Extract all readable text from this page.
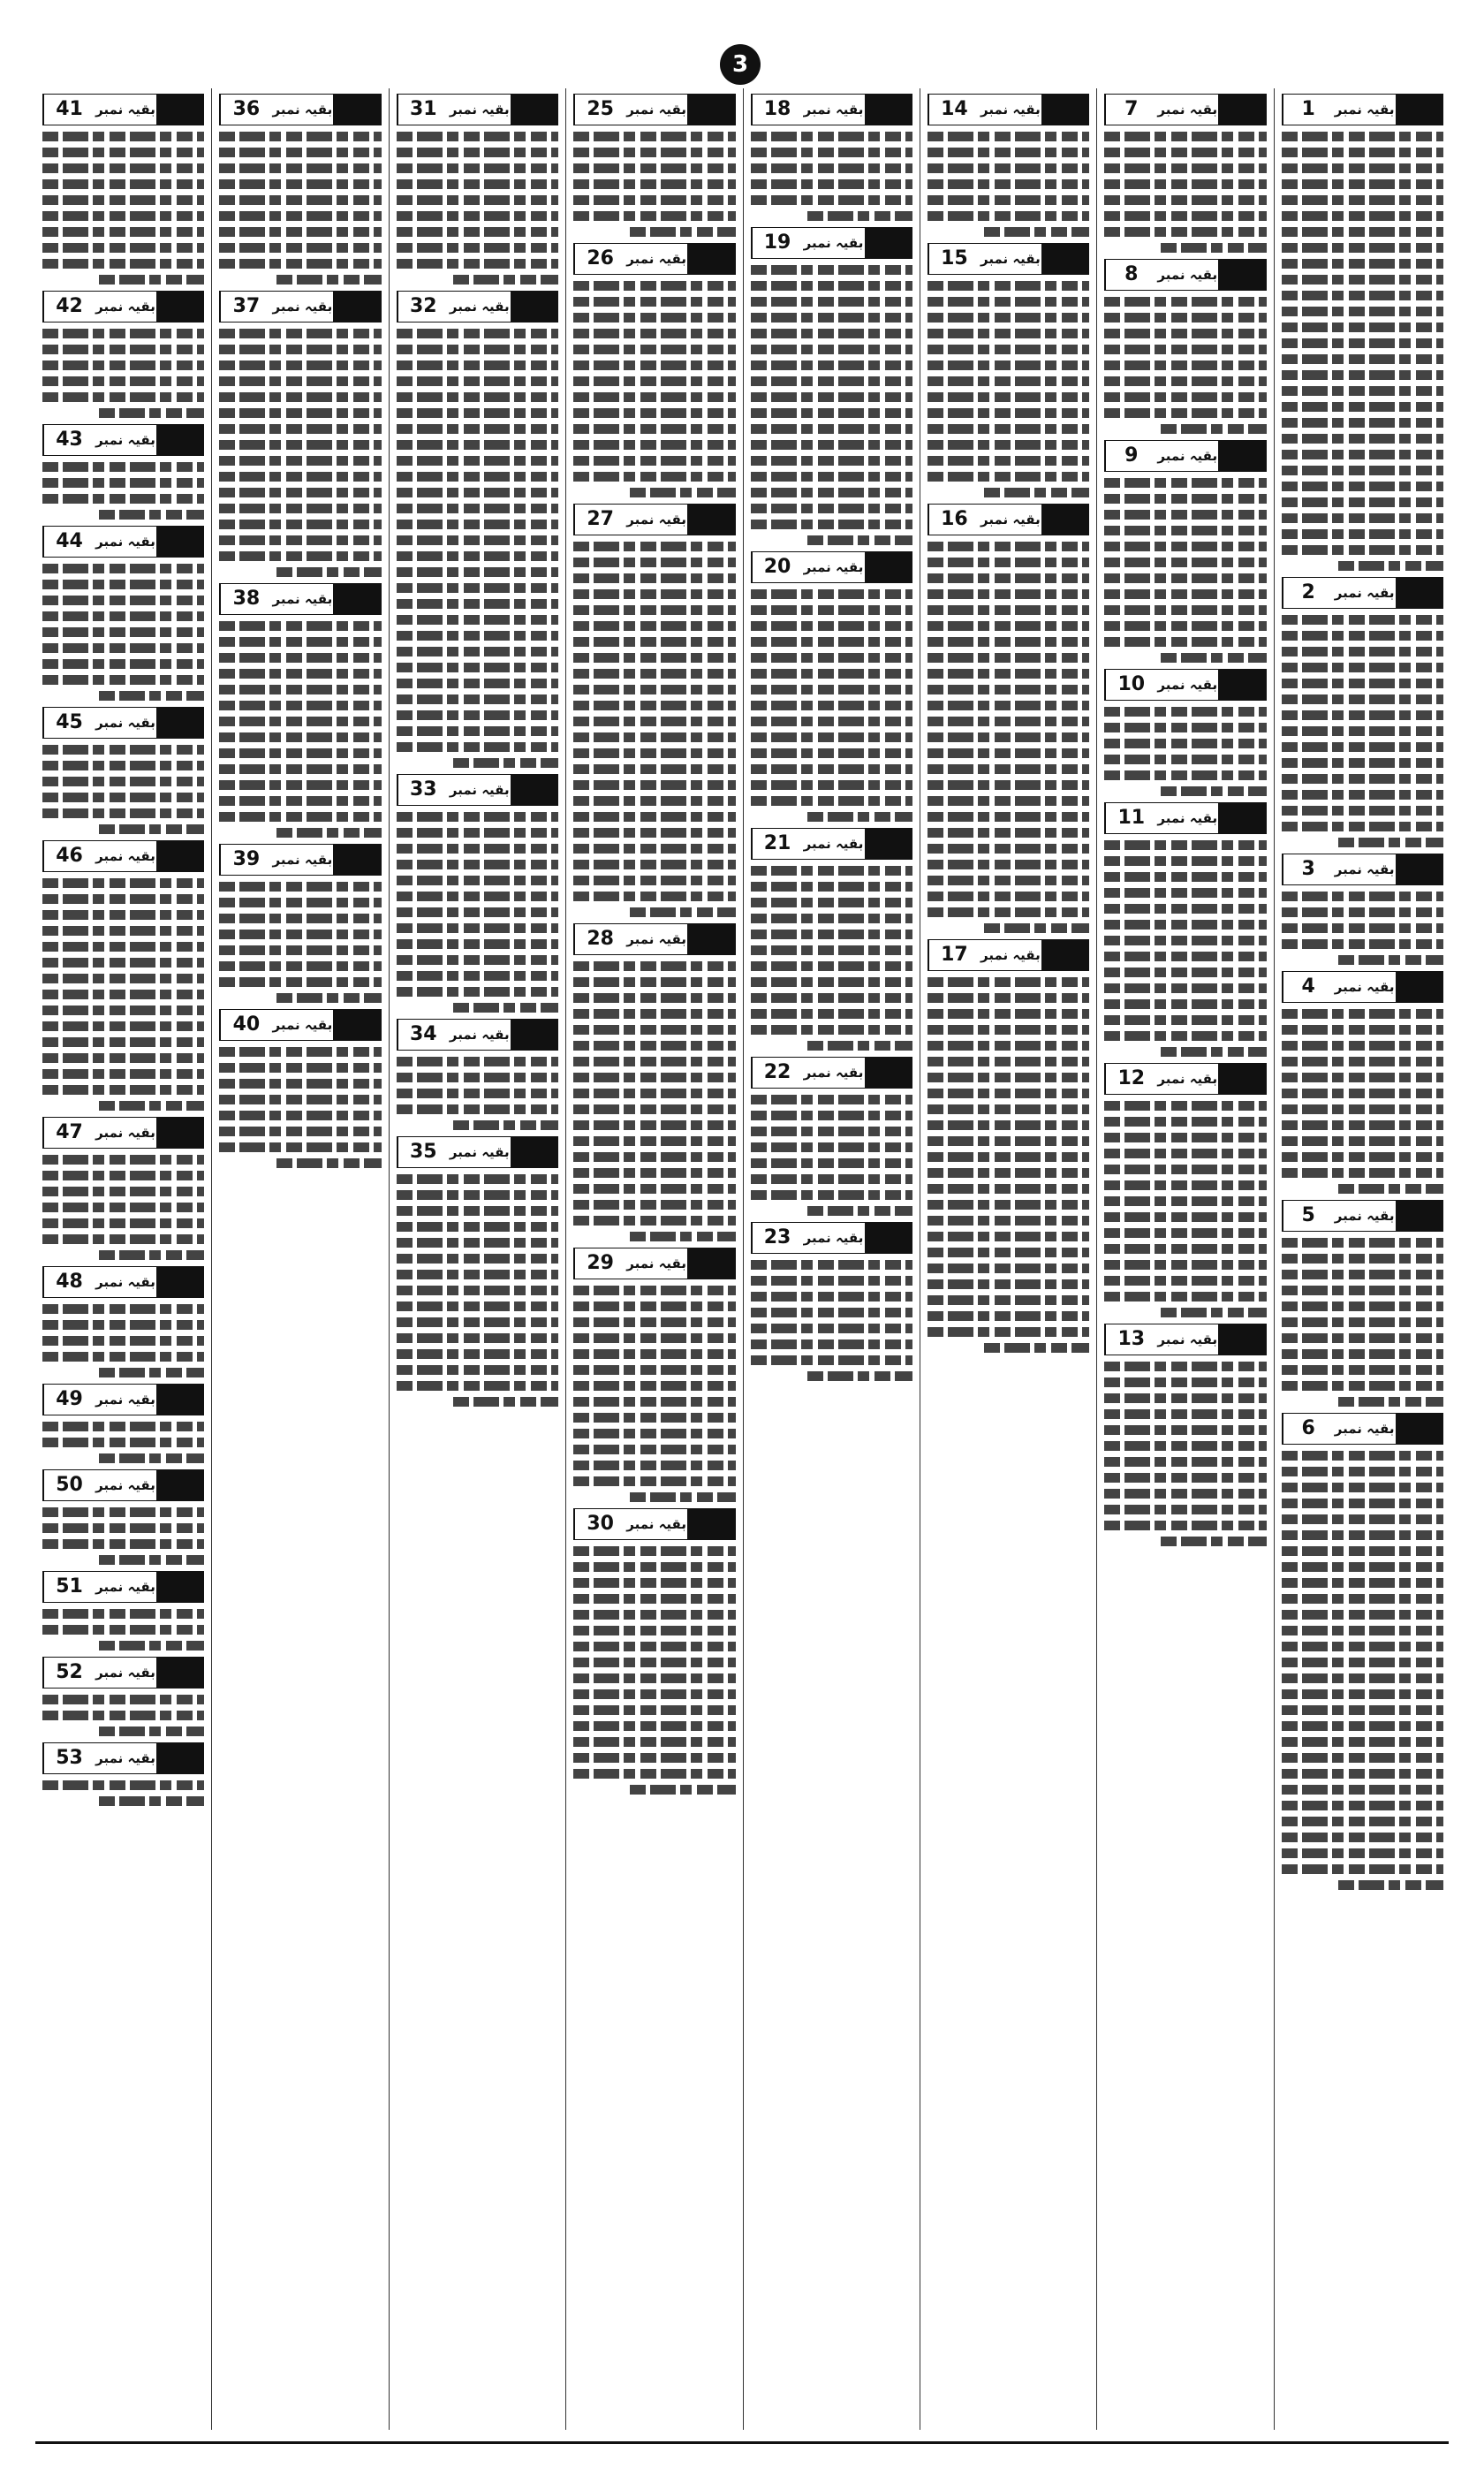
3
1	بقیہ نمبر
2	بقیہ نمبر
3	بقیہ نمبر
4	بقیہ نمبر
5	بقیہ نمبر
6	بقیہ نمبر
7	بقیہ نمبر
8	بقیہ نمبر
9	بقیہ نمبر
10 بقیہ نمبر
11 بقیہ نمبر
12 بقیہ نمبر
13 بقیہ نمبر
14 بقیہ نمبر
15 بقیہ نمبر
16 بقیہ نمبر
17 بقیہ نمبر
18 بقیہ نمبر
19 بقیہ نمبر
20 بقیہ نمبر
21 بقیہ نمبر
22 بقیہ نمبر
23 بقیہ نمبر
25 بقیہ نمبر
26 بقیہ نمبر
27 بقیہ نمبر
28 بقیہ نمبر
29 بقیہ نمبر
30 بقیہ نمبر
31 بقیہ نمبر
32 بقیہ نمبر
33 بقیہ نمبر
34 بقیہ نمبر
35 بقیہ نمبر
36 بقیہ نمبر
37 بقیہ نمبر
38 بقیہ نمبر
39 بقیہ نمبر
40 بقیہ نمبر
41 بقیہ نمبر
42 بقیہ نمبر
43 بقیہ نمبر
44 بقیہ نمبر
45 بقیہ نمبر
46 بقیہ نمبر
47 بقیہ نمبر
48 بقیہ نمبر
49 بقیہ نمبر
50 بقیہ نمبر
51 بقیہ نمبر
52 بقیہ نمبر
53 بقیہ نمبر
